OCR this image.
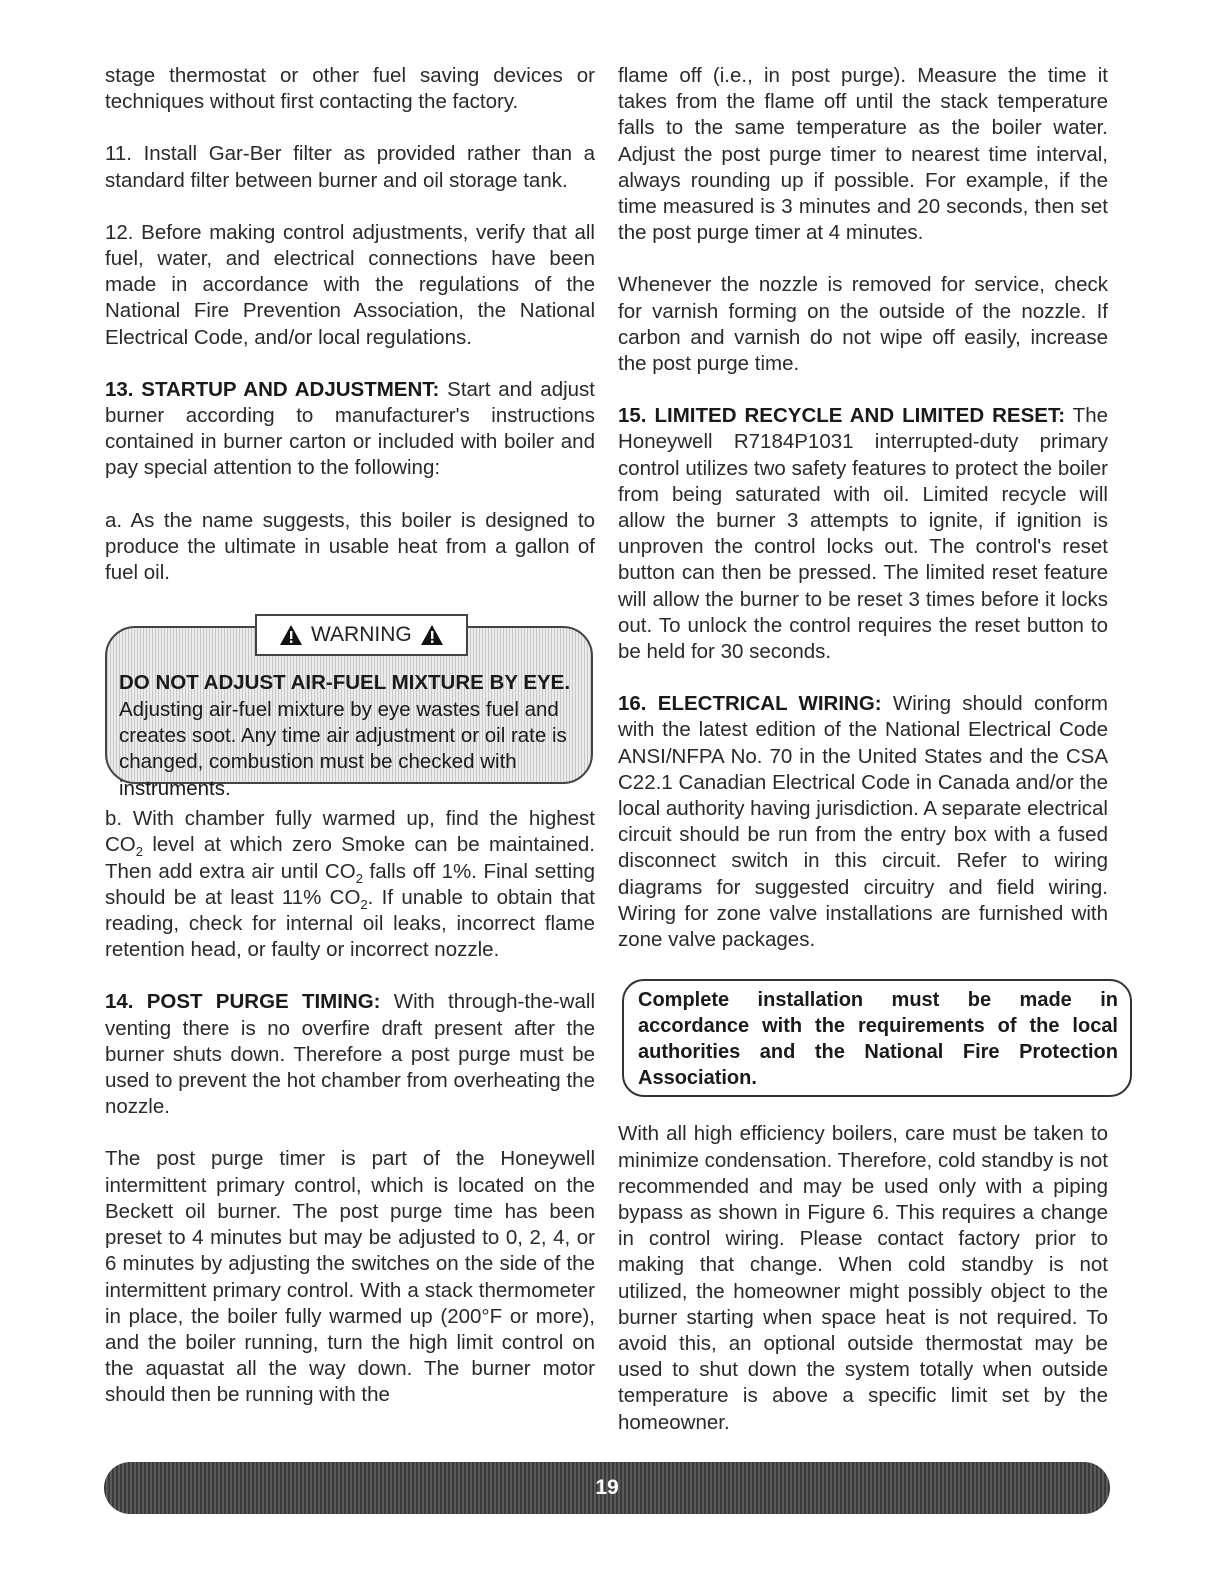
stage thermostat or other fuel saving devices or techniques without first contacting the factory.

11. Install Gar-Ber filter as provided rather than a standard filter between burner and oil storage tank.

12. Before making control adjustments, verify that all fuel, water, and electrical connections have been made in accordance with the regulations of the National Fire Prevention Association, the National Electrical Code, and/or local regulations.

13. STARTUP AND ADJUSTMENT: Start and adjust burner according to manufacturer's instructions contained in burner carton or included with boiler and pay special attention to the following:

a. As the name suggests, this boiler is designed to produce the ultimate in usable heat from a gallon of fuel oil.

WARNING
DO NOT ADJUST AIR-FUEL MIXTURE BY EYE. Adjusting air-fuel mixture by eye wastes fuel and creates soot. Any time air adjustment or oil rate is changed, combustion must be checked with instruments.

b. With chamber fully warmed up, find the highest $CO_2$ level at which zero Smoke can be maintained. Then add extra air until $CO_2$ falls off 1%. Final setting should be at least 11% $CO_2$. If unable to obtain that reading, check for internal oil leaks, incorrect flame retention head, or faulty or incorrect nozzle.

14. POST PURGE TIMING: With through-the-wall venting there is no overfire draft present after the burner shuts down. Therefore a post purge must be used to prevent the hot chamber from overheating the nozzle.

The post purge timer is part of the Honeywell intermittent primary control, which is located on the Beckett oil burner. The post purge time has been preset to 4 minutes but may be adjusted to 0, 2, 4, or 6 minutes by adjusting the switches on the side of the intermittent primary control. With a stack thermometer in place, the boiler fully warmed up (200°F or more), and the boiler running, turn the high limit control on the aquastat all the way down. The burner motor should then be running with the

flame off (i.e., in post purge). Measure the time it takes from the flame off until the stack temperature falls to the same temperature as the boiler water. Adjust the post purge timer to nearest time interval, always rounding up if possible. For example, if the time measured is 3 minutes and 20 seconds, then set the post purge timer at 4 minutes.

Whenever the nozzle is removed for service, check for varnish forming on the outside of the nozzle. If carbon and varnish do not wipe off easily, increase the post purge time.

15. LIMITED RECYCLE AND LIMITED RESET: The Honeywell R7184P1031 interrupted-duty primary control utilizes two safety features to protect the boiler from being saturated with oil. Limited recycle will allow the burner 3 attempts to ignite, if ignition is unproven the control locks out. The control's reset button can then be pressed. The limited reset feature will allow the burner to be reset 3 times before it locks out. To unlock the control requires the reset button to be held for 30 seconds.

16. ELECTRICAL WIRING: Wiring should conform with the latest edition of the National Electrical Code ANSI/NFPA No. 70 in the United States and the CSA C22.1 Canadian Electrical Code in Canada and/or the local authority having jurisdiction. A separate electrical circuit should be run from the entry box with a fused disconnect switch in this circuit. Refer to wiring diagrams for suggested circuitry and field wiring. Wiring for zone valve installations are furnished with zone valve packages.

Complete installation must be made in accordance with the requirements of the local authorities and the National Fire Protection Association.

With all high efficiency boilers, care must be taken to minimize condensation. Therefore, cold standby is not recommended and may be used only with a piping bypass as shown in Figure 6. This requires a change in control wiring. Please contact factory prior to making that change. When cold standby is not utilized, the homeowner might possibly object to the burner starting when space heat is not required. To avoid this, an optional outside thermostat may be used to shut down the system totally when outside temperature is above a specific limit set by the homeowner.

19
